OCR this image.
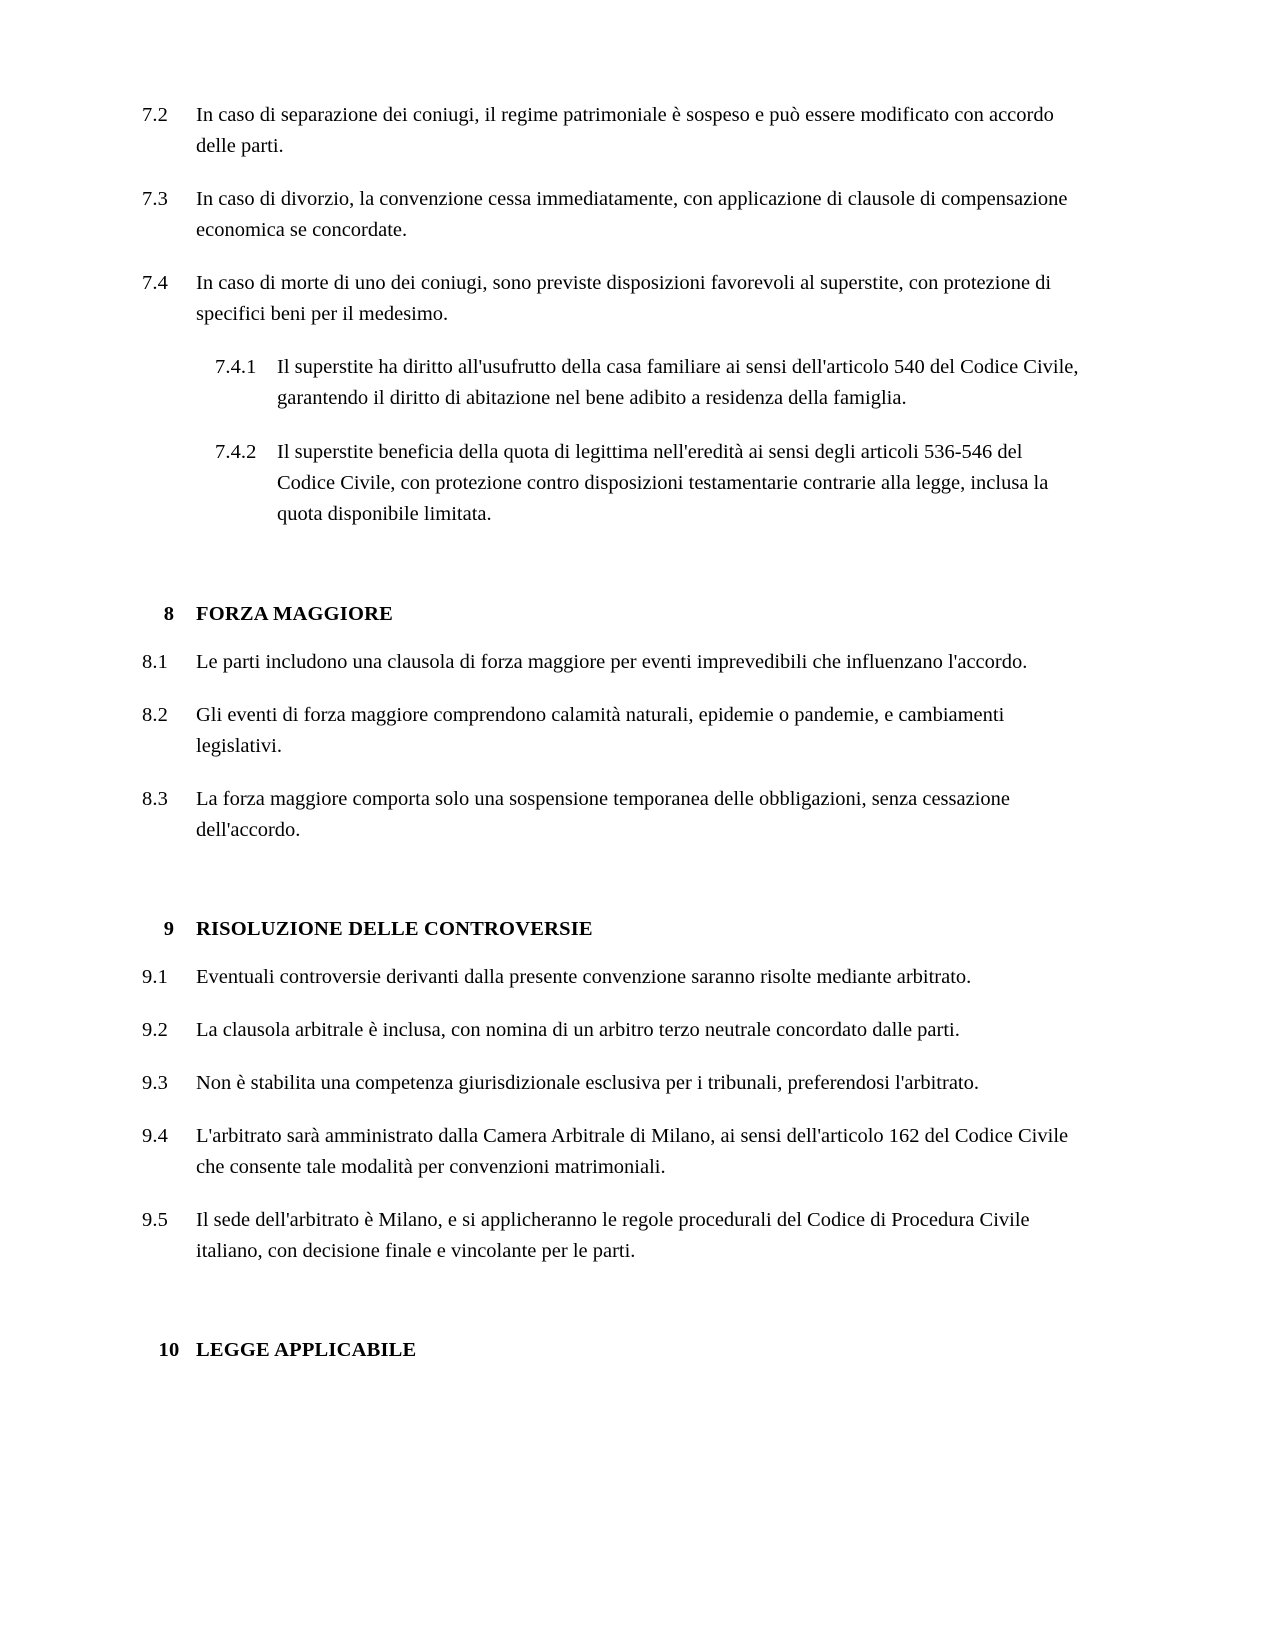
7.2	In caso di separazione dei coniugi, il regime patrimoniale è sospeso e può essere modificato con accordo delle parti.
7.3	In caso di divorzio, la convenzione cessa immediatamente, con applicazione di clausole di compensazione economica se concordate.
7.4	In caso di morte di uno dei coniugi, sono previste disposizioni favorevoli al superstite, con protezione di specifici beni per il medesimo.
7.4.1	Il superstite ha diritto all'usufrutto della casa familiare ai sensi dell'articolo 540 del Codice Civile, garantendo il diritto di abitazione nel bene adibito a residenza della famiglia.
7.4.2	Il superstite beneficia della quota di legittima nell'eredità ai sensi degli articoli 536-546 del Codice Civile, con protezione contro disposizioni testamentarie contrarie alla legge, inclusa la quota disponibile limitata.
8	FORZA MAGGIORE
8.1	Le parti includono una clausola di forza maggiore per eventi imprevedibili che influenzano l'accordo.
8.2	Gli eventi di forza maggiore comprendono calamità naturali, epidemie o pandemie, e cambiamenti legislativi.
8.3	La forza maggiore comporta solo una sospensione temporanea delle obbligazioni, senza cessazione dell'accordo.
9	RISOLUZIONE DELLE CONTROVERSIE
9.1	Eventuali controversie derivanti dalla presente convenzione saranno risolte mediante arbitrato.
9.2	La clausola arbitrale è inclusa, con nomina di un arbitro terzo neutrale concordato dalle parti.
9.3	Non è stabilita una competenza giurisdizionale esclusiva per i tribunali, preferendosi l'arbitrato.
9.4	L'arbitrato sarà amministrato dalla Camera Arbitrale di Milano, ai sensi dell'articolo 162 del Codice Civile che consente tale modalità per convenzioni matrimoniali.
9.5	Il sede dell'arbitrato è Milano, e si applicheranno le regole procedurali del Codice di Procedura Civile italiano, con decisione finale e vincolante per le parti.
10 LEGGE APPLICABILE
